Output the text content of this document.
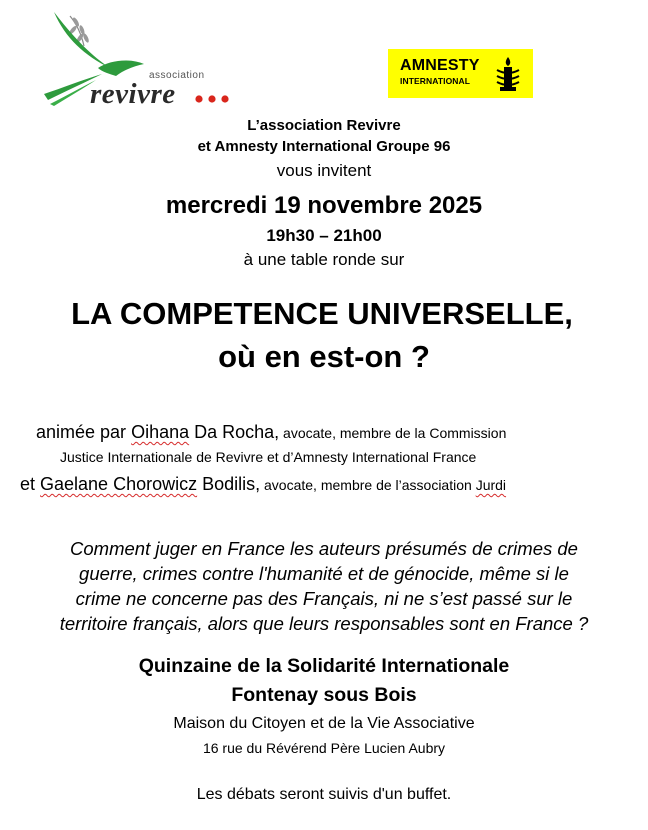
association
revivre
AMNESTY
INTERNATIONAL
L’association Revivre
et Amnesty International Groupe 96
vous invitent
mercredi 19 novembre 2025
19h30 – 21h00
à une table ronde sur
LA COMPETENCE UNIVERSELLE,
où en est-on ?
animée par Oihana Da Rocha, avocate, membre de la Commission
Justice Internationale de Revivre et d’Amnesty International France
et Gaelane Chorowicz Bodilis, avocate, membre de l’association Jurdi
Comment juger en France les auteurs présumés de crimes de
guerre, crimes contre l'humanité et de génocide, même si le
crime ne concerne pas des Français, ni ne s’est passé sur le
territoire français, alors que leurs responsables sont en France ?
Quinzaine de la Solidarité Internationale
Fontenay sous Bois
Maison du Citoyen et de la Vie Associative
16 rue du Révérend Père Lucien Aubry
Les débats seront suivis d'un buffet.
